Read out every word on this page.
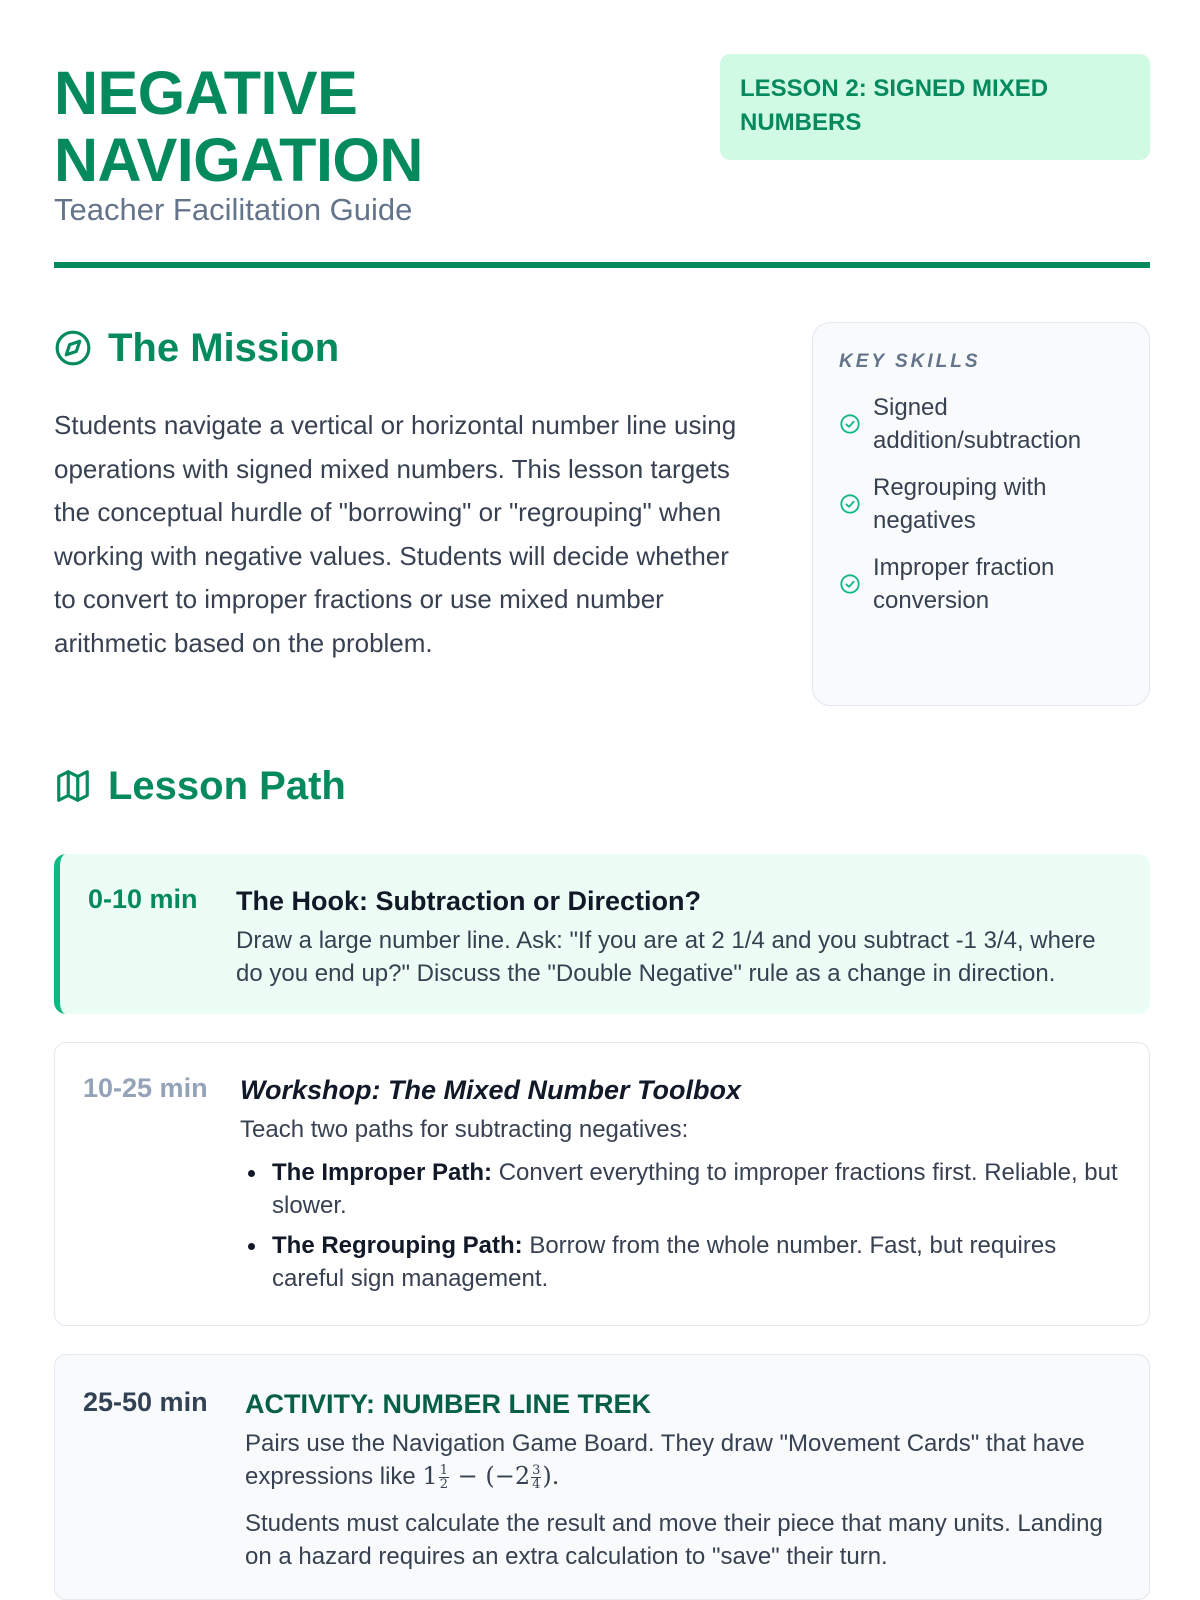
NEGATIVE
NAVIGATION
Teacher Facilitation Guide
LESSON 2: SIGNED MIXED NUMBERS
The Mission

Students navigate a vertical or horizontal number line using operations with signed mixed numbers. This lesson targets the conceptual hurdle of "borrowing" or "regrouping" when working with negative values. Students will decide whether to convert to improper fractions or use mixed number arithmetic based on the problem.

KEY SKILLS
Signed addition/subtraction
Regrouping with negatives
Improper fraction conversion
Lesson Path
0-10 min The Hook: Subtraction or Direction?
Draw a large number line. Ask: "If you are at 2 1/4 and you subtract -1 3/4, where do you end up?" Discuss the "Double Negative" rule as a change in direction.
10-25 min Workshop: The Mixed Number Toolbox
Teach two paths for subtracting negatives:
The Improper Path: Convert everything to improper fractions first. Reliable, but slower.
The Regrouping Path: Borrow from the whole number. Fast, but requires careful sign management.
25-50 min ACTIVITY: NUMBER LINE TREK
Pairs use the Navigation Game Board. They draw "Movement Cards" that have expressions like $1 \frac{1}{2} - (-2 \frac{3}{4}$ ).
Students must calculate the result and move their piece that many units. Landing on a hazard requires an extra calculation to "save" their turn.
